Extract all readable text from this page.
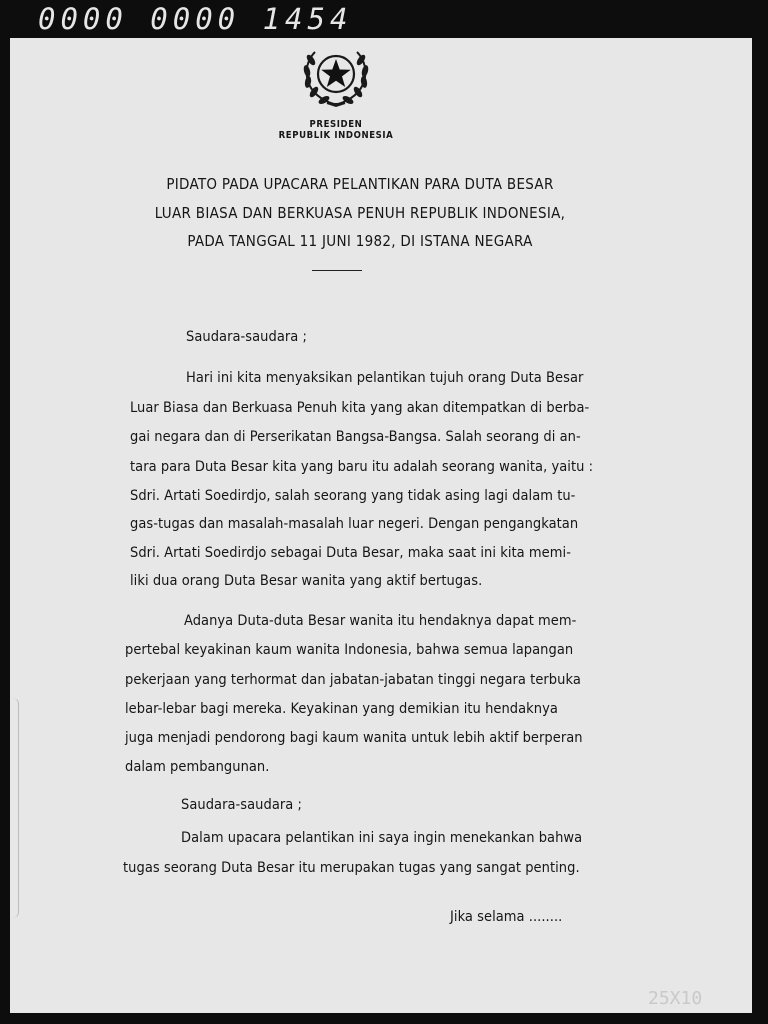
0000 0000 1454
PRESIDEN
REPUBLIK INDONESIA
PIDATO PADA UPACARA PELANTIKAN PARA DUTA BESAR
LUAR BIASA DAN BERKUASA PENUH REPUBLIK INDONESIA,
PADA TANGGAL 11 JUNI 1982, DI ISTANA NEGARA
Saudara-saudara ;
Hari ini kita menyaksikan pelantikan tujuh orang Duta Besar
Luar Biasa dan Berkuasa Penuh kita yang akan ditempatkan di berba-
gai negara dan di Perserikatan Bangsa-Bangsa. Salah seorang di an-
tara para Duta Besar kita yang baru itu adalah seorang wanita, yaitu :
Sdri. Artati Soedirdjo, salah seorang yang tidak asing lagi dalam tu-
gas-tugas dan masalah-masalah luar negeri. Dengan pengangkatan
Sdri. Artati Soedirdjo sebagai Duta Besar, maka saat ini kita memi-
liki dua orang Duta Besar wanita yang aktif bertugas.
Adanya Duta-duta Besar wanita itu hendaknya dapat mem-
pertebal keyakinan kaum wanita Indonesia, bahwa semua lapangan
pekerjaan yang terhormat dan jabatan-jabatan tinggi negara terbuka
lebar-lebar bagi mereka. Keyakinan yang demikian itu hendaknya
juga menjadi pendorong bagi kaum wanita untuk lebih aktif berperan
dalam pembangunan.
Saudara-saudara ;
Dalam upacara pelantikan ini saya ingin menekankan bahwa
tugas seorang Duta Besar itu merupakan tugas yang sangat penting.
Jika selama ........
25X10
